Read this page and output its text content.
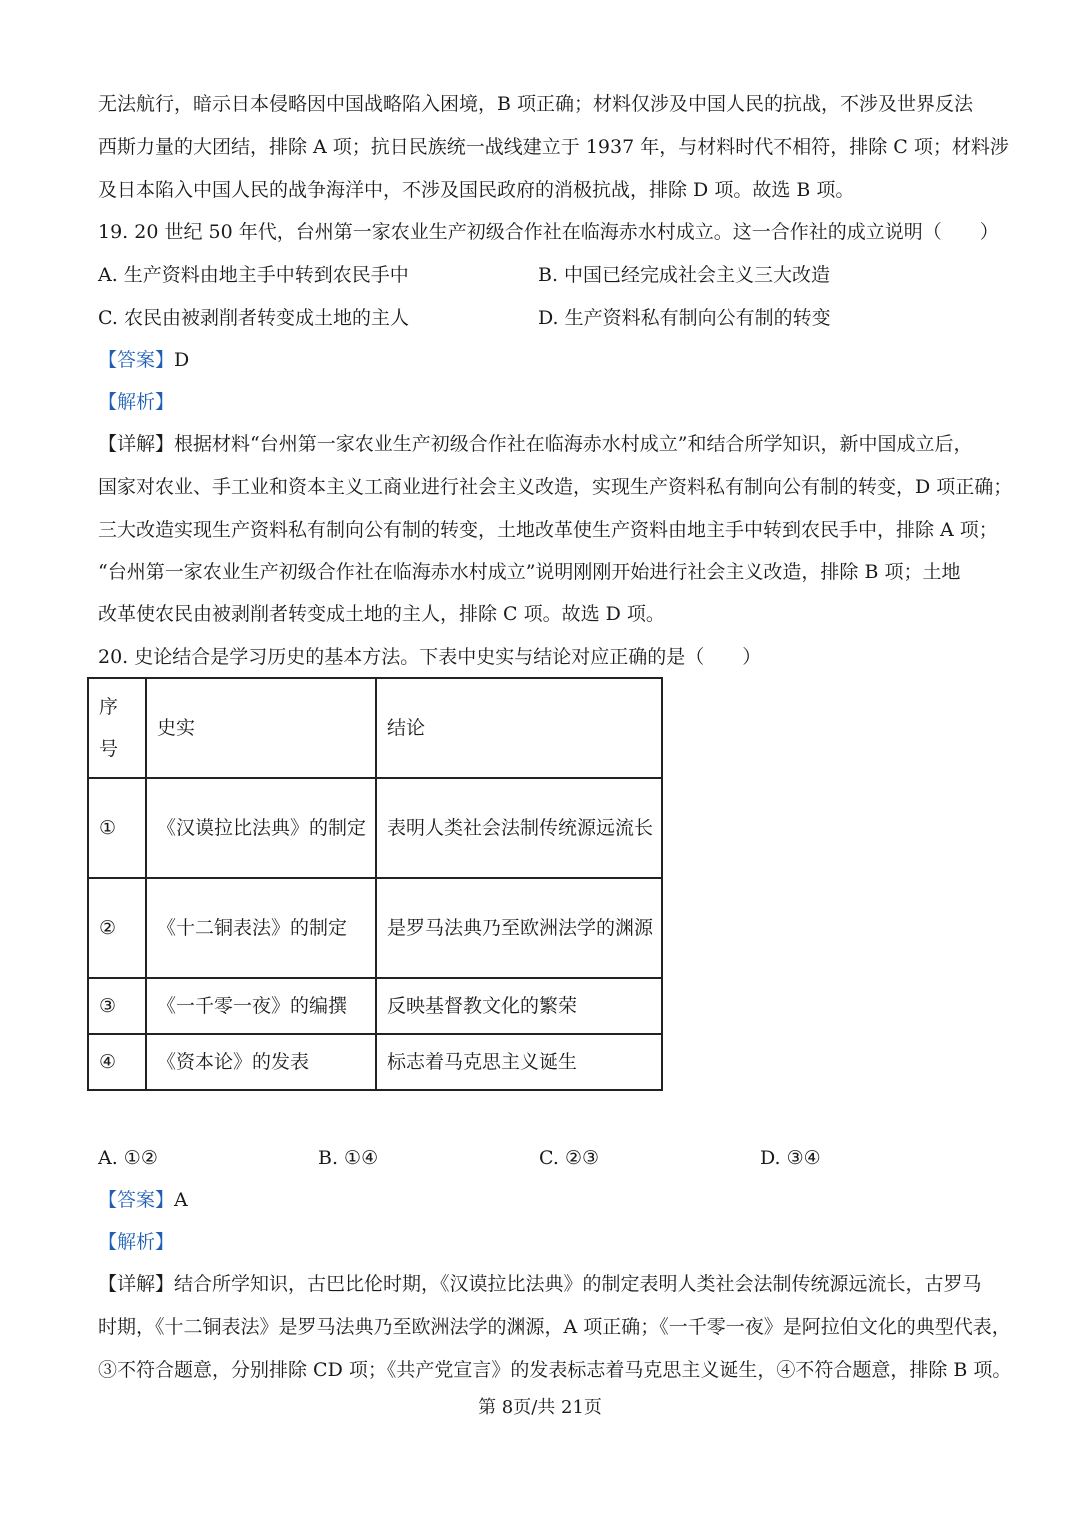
无法航行，暗示日本侵略因中国战略陷入困境，B 项正确；材料仅涉及中国人民的抗战，不涉及世界反法
西斯力量的大团结，排除 A 项；抗日民族统一战线建立于 1937 年，与材料时代不相符，排除 C 项；材料涉
及日本陷入中国人民的战争海洋中，不涉及国民政府的消极抗战，排除 D 项。故选 B 项。
19. 20 世纪 50 年代，台州第一家农业生产初级合作社在临海赤水村成立。这一合作社的成立说明（　　）
A. 生产资料由地主手中转到农民手中	B. 中国已经完成社会主义三大改造
C. 农民由被剥削者转变成土地的主人	D. 生产资料私有制向公有制的转变
【答案】D
【解析】
【详解】根据材料“台州第一家农业生产初级合作社在临海赤水村成立”和结合所学知识，新中国成立后，
国家对农业、手工业和资本主义工商业进行社会主义改造，实现生产资料私有制向公有制的转变，D 项正确；
三大改造实现生产资料私有制向公有制的转变，土地改革使生产资料由地主手中转到农民手中，排除 A 项；
“台州第一家农业生产初级合作社在临海赤水村成立”说明刚刚开始进行社会主义改造，排除 B 项；土地
改革使农民由被剥削者转变成土地的主人，排除 C 项。故选 D 项。
20. 史论结合是学习历史的基本方法。下表中史实与结论对应正确的是（　　）
序号	史实	结论
①	《汉谟拉比法典》的制定	表明人类社会法制传统源远流长
②	《十二铜表法》的制定	是罗马法典乃至欧洲法学的渊源
③	《一千零一夜》的编撰	反映基督教文化的繁荣
④	《资本论》的发表	标志着马克思主义诞生
A. ①②	B. ①④	C. ②③	D. ③④
【答案】A
【解析】
【详解】结合所学知识，古巴比伦时期，《汉谟拉比法典》的制定表明人类社会法制传统源远流长，古罗马
时期，《十二铜表法》是罗马法典乃至欧洲法学的渊源，A 项正确；《一千零一夜》是阿拉伯文化的典型代表，
③不符合题意，分别排除 CD 项；《共产党宣言》的发表标志着马克思主义诞生，④不符合题意，排除 B 项。
第 8页/共 21页
